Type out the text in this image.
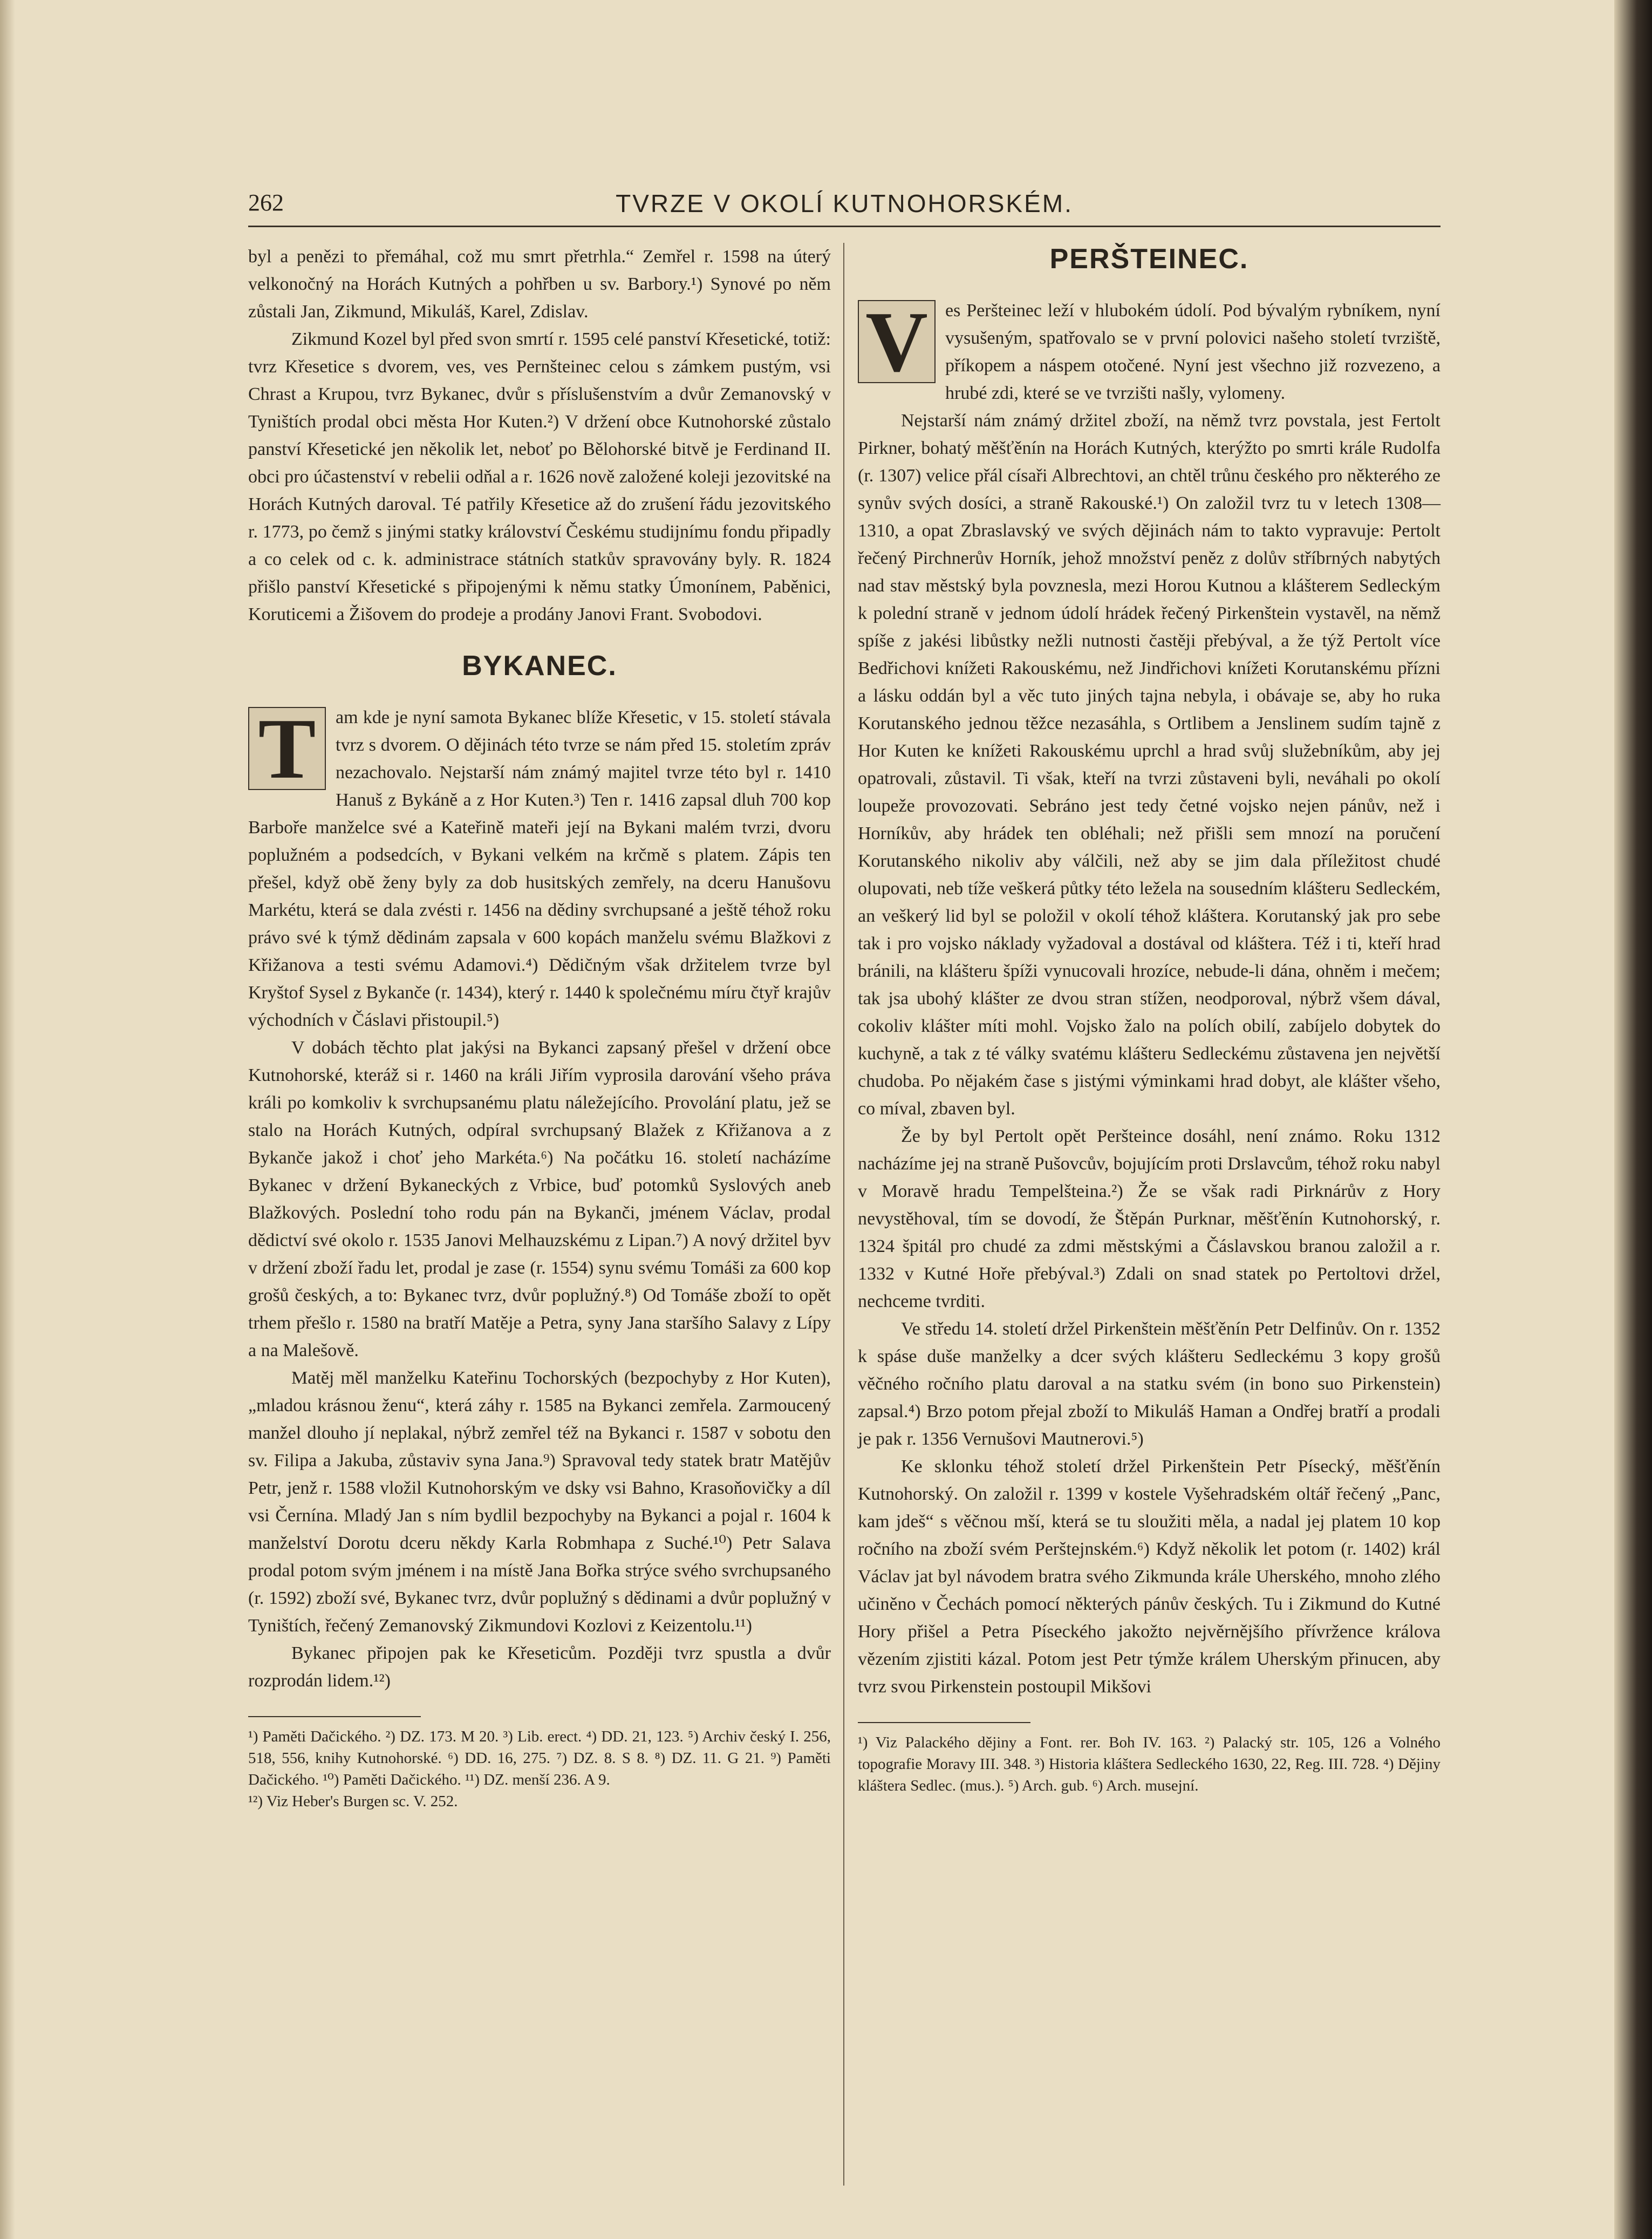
262	TVRZE V OKOLÍ KUTNOHORSKÉM.

byl a penězi to přemáhal, což mu smrt přetrhla.“ Zemřel r. 1598 na úterý velkonočný na Horách Kutných a pohřben u sv. Barbory.¹) Synové po něm zůstali Jan, Zikmund, Mikuláš, Karel, Zdislav.

Zikmund Kozel byl před svon smrtí r. 1595 celé panství Křesetické, totiž: tvrz Křesetice s dvorem, ves, ves Pernšteinec celou s zámkem pustým, vsi Chrast a Krupou, tvrz Bykanec, dvůr s příslušenstvím a dvůr Zemanovský v Tyništích prodal obci města Hor Kuten.²) V držení obce Kutnohorské zůstalo panství Křesetické jen několik let, neboť po Bělohorské bitvě je Ferdinand II. obci pro účastenství v rebelii odňal a r. 1626 nově založené koleji jezovitské na Horách Kutných daroval. Té patřily Křesetice až do zrušení řádu jezovitského r. 1773, po čemž s jinými statky království Českému studijnímu fondu připadly a co celek od c. k. administrace státních statkův spravovány byly. R. 1824 přišlo panství Křesetické s připojenými k němu statky Úmonínem, Paběnici, Koruticemi a Žišovem do prodeje a prodány Janovi Frant. Svobodovi.

BYKANEC.
T	am kde je nyní samota Bykanec blíže Křesetic, v 15. století stávala tvrz s dvorem. O dějinách této tvrze se nám před 15. stoletím zpráv nezachovalo. Nejstarší nám známý majitel tvrze této byl r. 1410 Hanuš z Bykáně a z Hor Kuten.³) Ten r. 1416 zapsal dluh 700 kop Barboře manželce své a Kateřině mateři její na Bykani malém tvrzi, dvoru poplužném a podsedcích, v Bykani velkém na krčmě s platem. Zápis ten přešel, když obě ženy byly za dob husitských zemřely, na dceru Hanušovu Markétu, která se dala zvésti r. 1456 na dědiny svrchupsané a ještě téhož roku právo své k týmž dědinám zapsala v 600 kopách manželu svému Blažkovi z Křižanova a testi svému Adamovi.⁴) Dědičným však držitelem tvrze byl Kryštof Sysel z Bykanče (r. 1434), který r. 1440 k společnému míru čtyř krajův východních v Čáslavi přistoupil.⁵)

V dobách těchto plat jakýsi na Bykanci zapsaný přešel v držení obce Kutnohorské, kteráž si r. 1460 na králi Jiřím vyprosila darování všeho práva králi po komkoliv k svrchupsanému platu náležejícího. Provolání platu, jež se stalo na Horách Kutných, odpíral svrchupsaný Blažek z Křižanova a z Bykanče jakož i choť jeho Markéta.⁶) Na počátku 16. století nacházíme Bykanec v držení Bykaneckých z Vrbice, buď potomků Syslových aneb Blažkových. Poslední toho rodu pán na Bykanči, jménem Václav, prodal dědictví své okolo r. 1535 Janovi Melhauzskému z Lipan.⁷) A nový držitel byv v držení zboží řadu let, prodal je zase (r. 1554) synu svému Tomáši za 600 kop grošů českých, a to: Bykanec tvrz, dvůr poplužný.⁸) Od Tomáše zboží to opět trhem přešlo r. 1580 na bratří Matěje a Petra, syny Jana staršího Salavy z Lípy a na Malešově.

Matěj měl manželku Kateřinu Tochorských (bezpochyby z Hor Kuten), „mladou krásnou ženu“, která záhy r. 1585 na Bykanci zemřela. Zarmoucený manžel dlouho jí neplakal, nýbrž zemřel též na Bykanci r. 1587 v sobotu den sv. Filipa a Jakuba, zůstaviv syna Jana.⁹) Spravoval tedy statek bratr Matějův Petr, jenž r. 1588 vložil Kutnohorským ve dsky vsi Bahno, Krasoňovičky a díl vsi Černína. Mladý Jan s ním bydlil bezpochyby na Bykanci a pojal r. 1604 k manželství Dorotu dceru někdy Karla Robmhapa z Suché.¹⁰) Petr Salava prodal potom svým jménem i na místě Jana Bořka strýce svého svrchupsaného (r. 1592) zboží své, Bykanec tvrz, dvůr poplužný s dědinami a dvůr poplužný v Tyništích, řečený Zemanovský Zikmundovi Kozlovi z Keizentolu.¹¹)

Bykanec připojen pak ke Křeseticům. Později tvrz spustla a dvůr rozprodán lidem.¹²)

¹) Paměti Dačického. ²) DZ. 173. M 20. ³) Lib. erect. ⁴) DD. 21, 123. ⁵) Archiv český I. 256, 518, 556, knihy Kutnohorské. ⁶) DD. 16, 275. ⁷) DZ. 8. S 8. ⁸) DZ. 11. G 21. ⁹) Paměti Dačického. ¹⁰) Paměti Dačického. ¹¹) DZ. menší 236. A 9.

¹²) Viz Heber's Burgen sc. V. 252.

PERŠTEINEC.
V es Peršteinec leží v hlubokém údolí. Pod bývalým rybníkem, nyní vysušeným, spatřovalo se v první polovici našeho století tvrziště, příkopem a náspem otočené. Nyní jest všechno již rozvezeno, a hrubé zdi, které se ve tvrzišti našly, vylomeny.

Nejstarší nám známý držitel zboží, na němž tvrz povstala, jest Fertolt Pirkner, bohatý měšťěnín na Horách Kutných, kterýžto po smrti krále Rudolfa (r. 1307) velice přál císaři Albrechtovi, an chtěl trůnu českého pro některého ze synův svých dosíci, a straně Rakouské.¹) On založil tvrz tu v letech 1308—1310, a opat Zbraslavský ve svých dějinách nám to takto vypravuje: Pertolt řečený Pirchnerův Horník, jehož množství peněz z dolův stříbrných nabytých nad stav městský byla povznesla, mezi Horou Kutnou a klášterem Sedleckým k polední straně v jednom údolí hrádek řečený Pirkenštein vystavěl, na němž spíše z jakési libůstky nežli nutnosti častěji přebýval, a že týž Pertolt více Bedřichovi knížeti Rakouskému, než Jindřichovi knížeti Korutanskému přízni a lásku oddán byl a věc tuto jiných tajna nebyla, i obávaje se, aby ho ruka Korutanského jednou těžce nezasáhla, s Ortlibem a Jenslinem sudím tajně z Hor Kuten ke knížeti Rakouskému uprchl a hrad svůj služebníkům, aby jej opatrovali, zůstavil. Ti však, kteří na tvrzi zůstaveni byli, neváhali po okolí loupeže provozovati. Sebráno jest tedy četné vojsko nejen pánův, než i Horníkův, aby hrádek ten obléhali; než přišli sem mnozí na poručení Korutanského nikoliv aby válčili, než aby se jim dala příležitost chudé olupovati, neb tíže veškerá půtky této ležela na sousedním klášteru Sedleckém, an veškerý lid byl se položil v okolí téhož kláštera. Korutanský jak pro sebe tak i pro vojsko náklady vyžadoval a dostával od kláštera. Též i ti, kteří hrad bránili, na klášteru špíži vynucovali hrozíce, nebude-li dána, ohněm i mečem; tak jsa ubohý klášter ze dvou stran stížen, neodporoval, nýbrž všem dával, cokoliv klášter míti mohl. Vojsko žalo na polích obilí, zabíjelo dobytek do kuchyně, a tak z té války svatému klášteru Sedleckému zůstavena jen největší chudoba. Po nějakém čase s jistými výminkami hrad dobyt, ale klášter všeho, co míval, zbaven byl.

Že by byl Pertolt opět Peršteince dosáhl, není známo. Roku 1312 nacházíme jej na straně Pušovcův, bojujícím proti Drslavcům, téhož roku nabyl v Moravě hradu Tempelšteina.²) Že se však radi Pirknárův z Hory nevystěhoval, tím se dovodí, že Štěpán Purknar, měšťěnín Kutnohorský, r. 1324 špitál pro chudé za zdmi městskými a Čáslavskou branou založil a r. 1332 v Kutné Hoře přebýval.³) Zdali on snad statek po Pertoltovi držel, nechceme tvrditi.

Ve středu 14. století držel Pirkenštein měšťěnín Petr Delfinův. On r. 1352 k spáse duše manželky a dcer svých klášteru Sedleckému 3 kopy grošů věčného ročního platu daroval a na statku svém (in bono suo Pirkenstein) zapsal.⁴) Brzo potom přejal zboží to Mikuláš Haman a Ondřej bratří a prodali je pak r. 1356 Vernušovi Mautnerovi.⁵)

Ke sklonku téhož století držel Pirkenštein Petr Písecký, měšťěnín Kutnohorský. On založil r. 1399 v kostele Vyšehradském oltář řečený „Panc, kam jdeš“ s věčnou mší, která se tu sloužiti měla, a nadal jej platem 10 kop ročního na zboží svém Perštejnském.⁶) Když několik let potom (r. 1402) král Václav jat byl návodem bratra svého Zikmunda krále Uherského, mnoho zlého učiněno v Čechách pomocí některých pánův českých. Tu i Zikmund do Kutné Hory přišel a Petra Píseckého jakožto nejvěrnějšího přívržence králova vězením zjistiti kázal. Potom jest Petr týmže králem Uherským přinucen, aby tvrz svou Pirkenstein postoupil Mikšovi

¹) Viz Palackého dějiny a Font. rer. Boh IV. 163. ²) Palacký str. 105, 126 a Volného topografie Moravy III. 348. ³) Historia kláštera Sedleckého 1630, 22, Reg. III. 728. ⁴) Dějiny kláštera Sedlec. (mus.). ⁵) Arch. gub. ⁶) Arch. musejní.
